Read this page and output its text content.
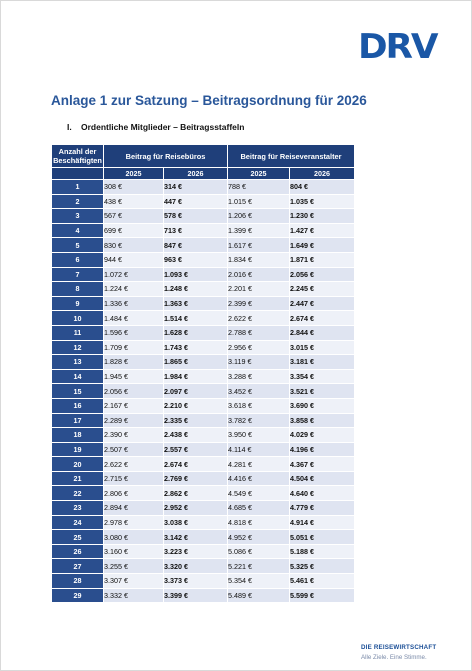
DRV
Anlage 1 zur Satzung – Beitragsordnung für 2026
I. Ordentliche Mitglieder – Beitragsstaffeln
Anzahl der Beschäftigten	Beitrag für Reisebüros		Beitrag für Reiseveranstalter	
	2025	2026	2025	2026
1	308 €	314 €	788 €	804 €
2	438 €	447 €	1.015 €	1.035 €
3	567 €	578 €	1.206 €	1.230 €
4	699 €	713 €	1.399 €	1.427 €
5	830 €	847 €	1.617 €	1.649 €
6	944 €	963 €	1.834 €	1.871 €
7	1.072 €	1.093 €	2.016 €	2.056 €
8	1.224 €	1.248 €	2.201 €	2.245 €
9	1.336 €	1.363 €	2.399 €	2.447 €
10	1.484 €	1.514 €	2.622 €	2.674 €
11	1.596 €	1.628 €	2.788 €	2.844 €
12	1.709 €	1.743 €	2.956 €	3.015 €
13	1.828 €	1.865 €	3.119 €	3.181 €
14	1.945 €	1.984 €	3.288 €	3.354 €
15	2.056 €	2.097 €	3.452 €	3.521 €
16	2.167 €	2.210 €	3.618 €	3.690 €
17	2.289 €	2.335 €	3.782 €	3.858 €
18	2.390 €	2.438 €	3.950 €	4.029 €
19	2.507 €	2.557 €	4.114 €	4.196 €
20	2.622 €	2.674 €	4.281 €	4.367 €
21	2.715 €	2.769 €	4.416 €	4.504 €
22	2.806 €	2.862 €	4.549 €	4.640 €
23	2.894 €	2.952 €	4.685 €	4.779 €
24	2.978 €	3.038 €	4.818 €	4.914 €
25	3.080 €	3.142 €	4.952 €	5.051 €
26	3.160 €	3.223 €	5.086 €	5.188 €
27	3.255 €	3.320 €	5.221 €	5.325 €
28	3.307 €	3.373 €	5.354 €	5.461 €
29	3.332 €	3.399 €	5.489 €	5.599 €
DIE REISEWIRTSCHAFT
Alle Ziele. Eine Stimme.
